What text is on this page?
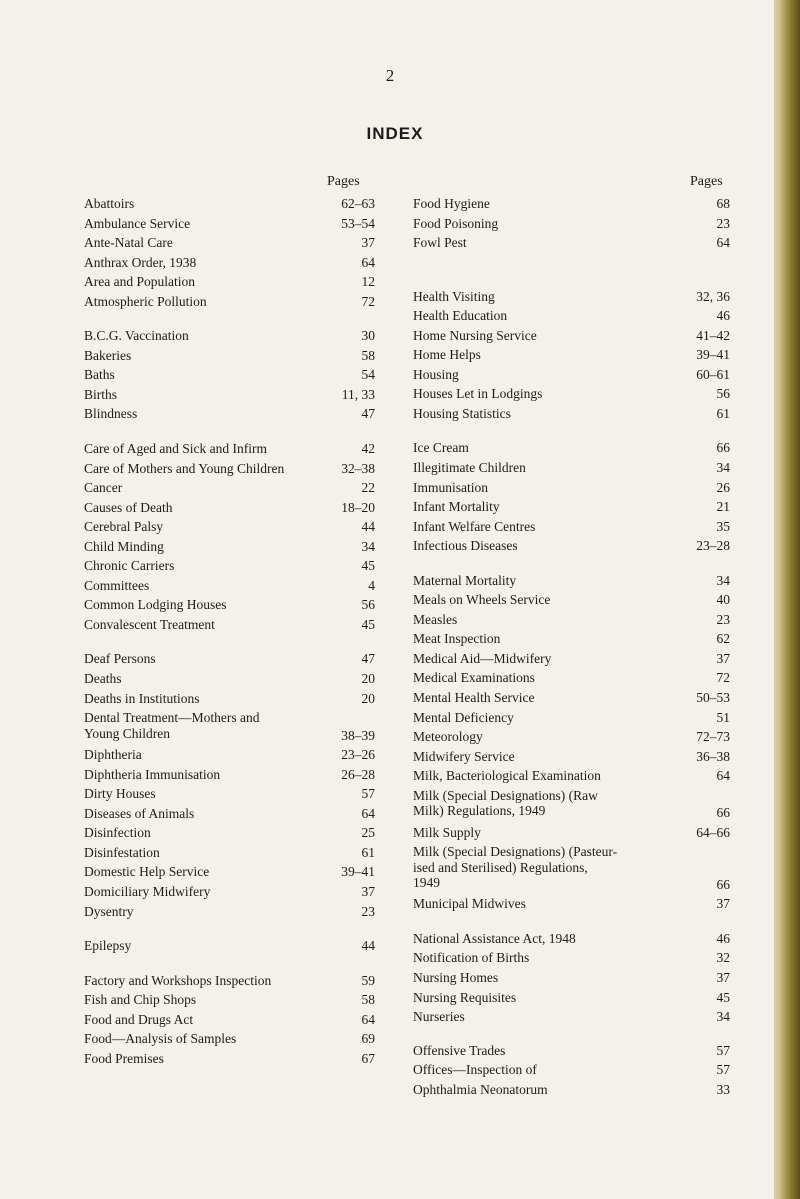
2
INDEX
Pages	Pages
Abattoirs	62–63
Ambulance Service	53–54
Ante-Natal Care	37
Anthrax Order, 1938	64
Area and Population	12
Atmospheric Pollution	72
B.C.G. Vaccination	30
Bakeries	58
Baths	54
Births	11, 33
Blindness	47
Care of Aged and Sick and Infirm	42
Care of Mothers and Young Children	32–38
Cancer	22
Causes of Death	18–20
Cerebral Palsy	44
Child Minding	34
Chronic Carriers	45
Committees	4
Common Lodging Houses	56
Convalescent Treatment	45
Deaf Persons	47
Deaths	20
Deaths in Institutions	20
Dental Treatment—Mothers and
Young Children	38–39
Diphtheria	23–26
Diphtheria Immunisation	26–28
Dirty Houses	57
Diseases of Animals	64
Disinfection	25
Disinfestation	61
Domestic Help Service	39–41
Domiciliary Midwifery	37
Dysentry	23
Epilepsy	44
Factory and Workshops Inspection	59
Fish and Chip Shops	58
Food and Drugs Act	64
Food—Analysis of Samples	69
Food Premises	67
Food Hygiene	68
Food Poisoning	23
Fowl Pest	64
Health Visiting	32, 36
Health Education	46
Home Nursing Service	41–42
Home Helps	39–41
Housing	60–61
Houses Let in Lodgings	56
Housing Statistics	61
Ice Cream	66
Illegitimate Children	34
Immunisation	26
Infant Mortality	21
Infant Welfare Centres	35
Infectious Diseases	23–28
Maternal Mortality	34
Meals on Wheels Service	40
Measles	23
Meat Inspection	62
Medical Aid—Midwifery	37
Medical Examinations	72
Mental Health Service	50–53
Mental Deficiency	51
Meteorology	72–73
Midwifery Service	36–38
Milk, Bacteriological Examination	64
Milk (Special Designations) (Raw
Milk) Regulations, 1949	66
Milk Supply	64–66
Milk (Special Designations) (Pasteur-
ised and Sterilised) Regulations,
1949	66
Municipal Midwives	37
National Assistance Act, 1948	46
Notification of Births	32
Nursing Homes	37
Nursing Requisites	45
Nurseries	34
Offensive Trades	57
Offices—Inspection of	57
Ophthalmia Neonatorum	33
